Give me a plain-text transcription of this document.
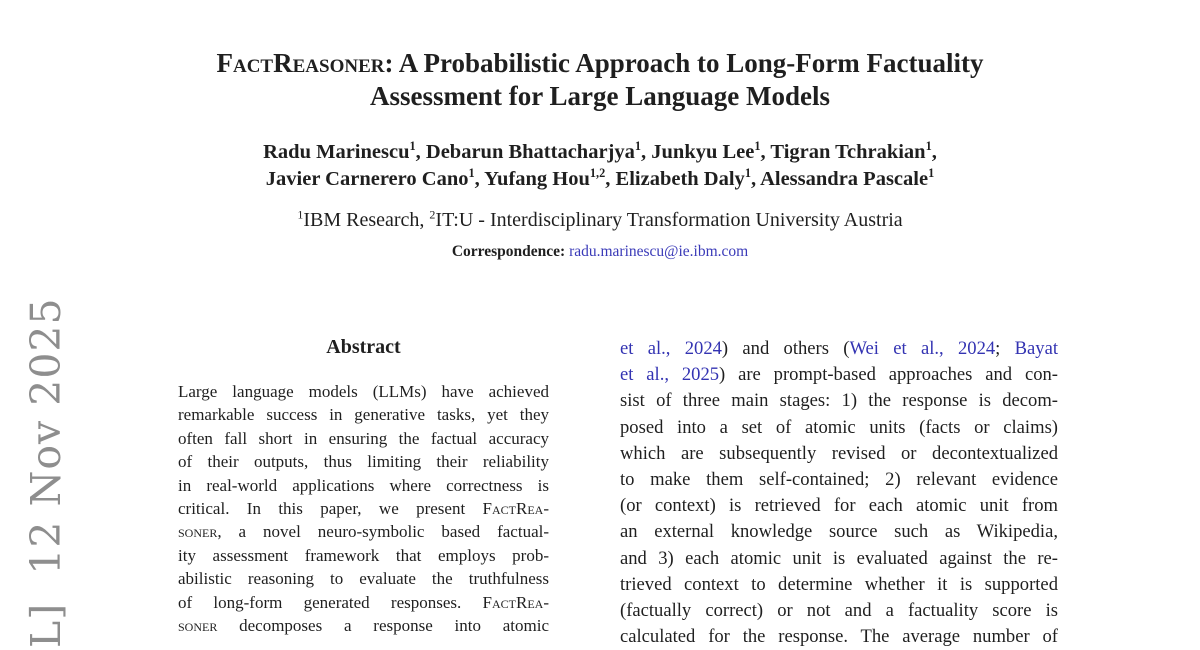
L]  12 Nov 2025
FactReasoner: A Probabilistic Approach to Long-Form Factuality
Assessment for Large Language Models
Radu Marinescu$^1$, Debarun Bhattacharjya$^1$, Junkyu Lee$^1$, Tigran Tchrakian$^1$,
Javier Carnerero Cano$^1$, Yufang Hou$^{1,2}$, Elizabeth Daly$^1$, Alessandra Pascale$^1$
$^1$IBM Research, $^2$IT:U - Interdisciplinary Transformation University Austria
Correspondence: radu.marinescu@ie.ibm.com
Abstract
Large language models (LLMs) have achieved
remarkable success in generative tasks, yet they
often fall short in ensuring the factual accuracy
of their outputs, thus limiting their reliability
in real-world applications where correctness is
critical. In this paper, we present FactRea-
soner, a novel neuro-symbolic based factual-
ity assessment framework that employs prob-
abilistic reasoning to evaluate the truthfulness
of long-form generated responses. FactRea-
soner decomposes a response into atomic
et al., 2024) and others (Wei et al., 2024; Bayat
et al., 2025) are prompt-based approaches and con-
sist of three main stages: 1) the response is decom-
posed into a set of atomic units (facts or claims)
which are subsequently revised or decontextualized
to make them self-contained; 2) relevant evidence
(or context) is retrieved for each atomic unit from
an external knowledge source such as Wikipedia,
and 3) each atomic unit is evaluated against the re-
trieved context to determine whether it is supported
(factually correct) or not and a factuality score is
calculated for the response. The average number of
